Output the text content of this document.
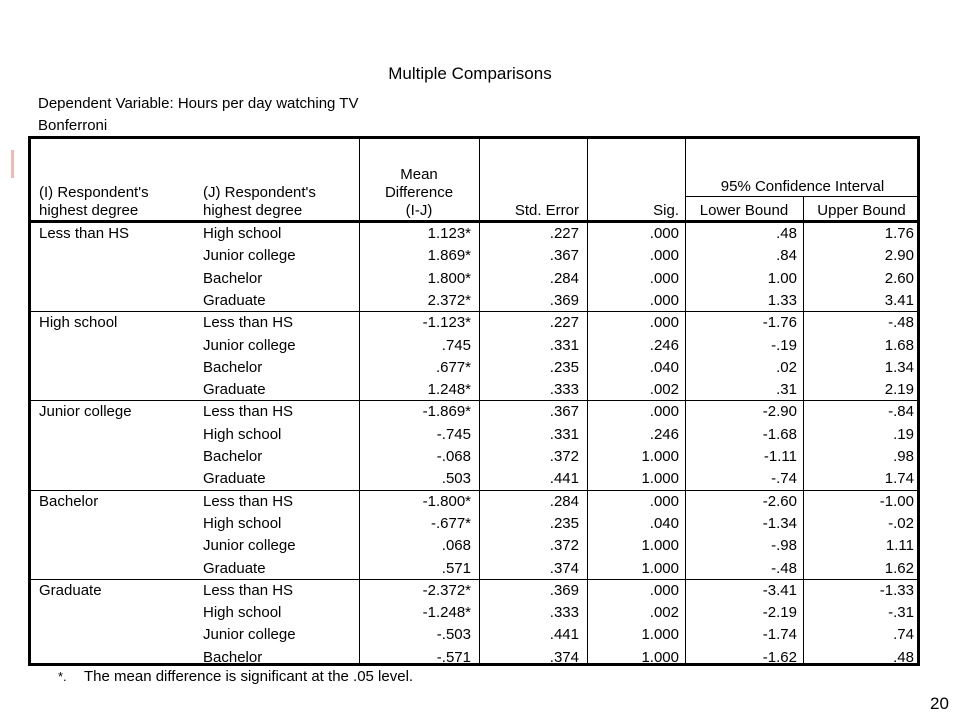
Multiple Comparisons
Dependent Variable: Hours per day watching TV
Bonferroni
(I) Respondent's
highest degree
(J) Respondent's
highest degree
Mean
Difference
(I-J)	Std. Error	Sig.
95% Confidence Interval
Lower Bound	Upper Bound
Less than HS	High school	1.123*	.227	.000	.48	1.76
Junior college	1.869*	.367	.000	.84	2.90
Bachelor	1.800*	.284	.000	1.00	2.60
Graduate	2.372*	.369	.000	1.33	3.41
High school	Less than HS	-1.123*	.227	.000	-1.76	-.48
Junior college	.745	.331	.246	-.19	1.68
Bachelor	.677*	.235	.040	.02	1.34
Graduate	1.248*	.333	.002	.31	2.19
Junior college	Less than HS	-1.869*	.367	.000	-2.90	-.84
High school	-.745	.331	.246	-1.68	.19
Bachelor	-.068	.372	1.000	-1.11	.98
Graduate	.503	.441	1.000	-.74	1.74
Bachelor	Less than HS	-1.800*	.284	.000	-2.60	-1.00
High school	-.677*	.235	.040	-1.34	-.02
Junior college	.068	.372	1.000	-.98	1.11
Graduate	.571	.374	1.000	-.48	1.62
Graduate	Less than HS	-2.372*	.369	.000	-3.41	-1.33
High school	-1.248*	.333	.002	-2.19	-.31
Junior college	-.503	.441	1.000	-1.74	.74
Bachelor	-.571	.374	1.000	-1.62	.48
*. The mean difference is significant at the .05 level.
20
